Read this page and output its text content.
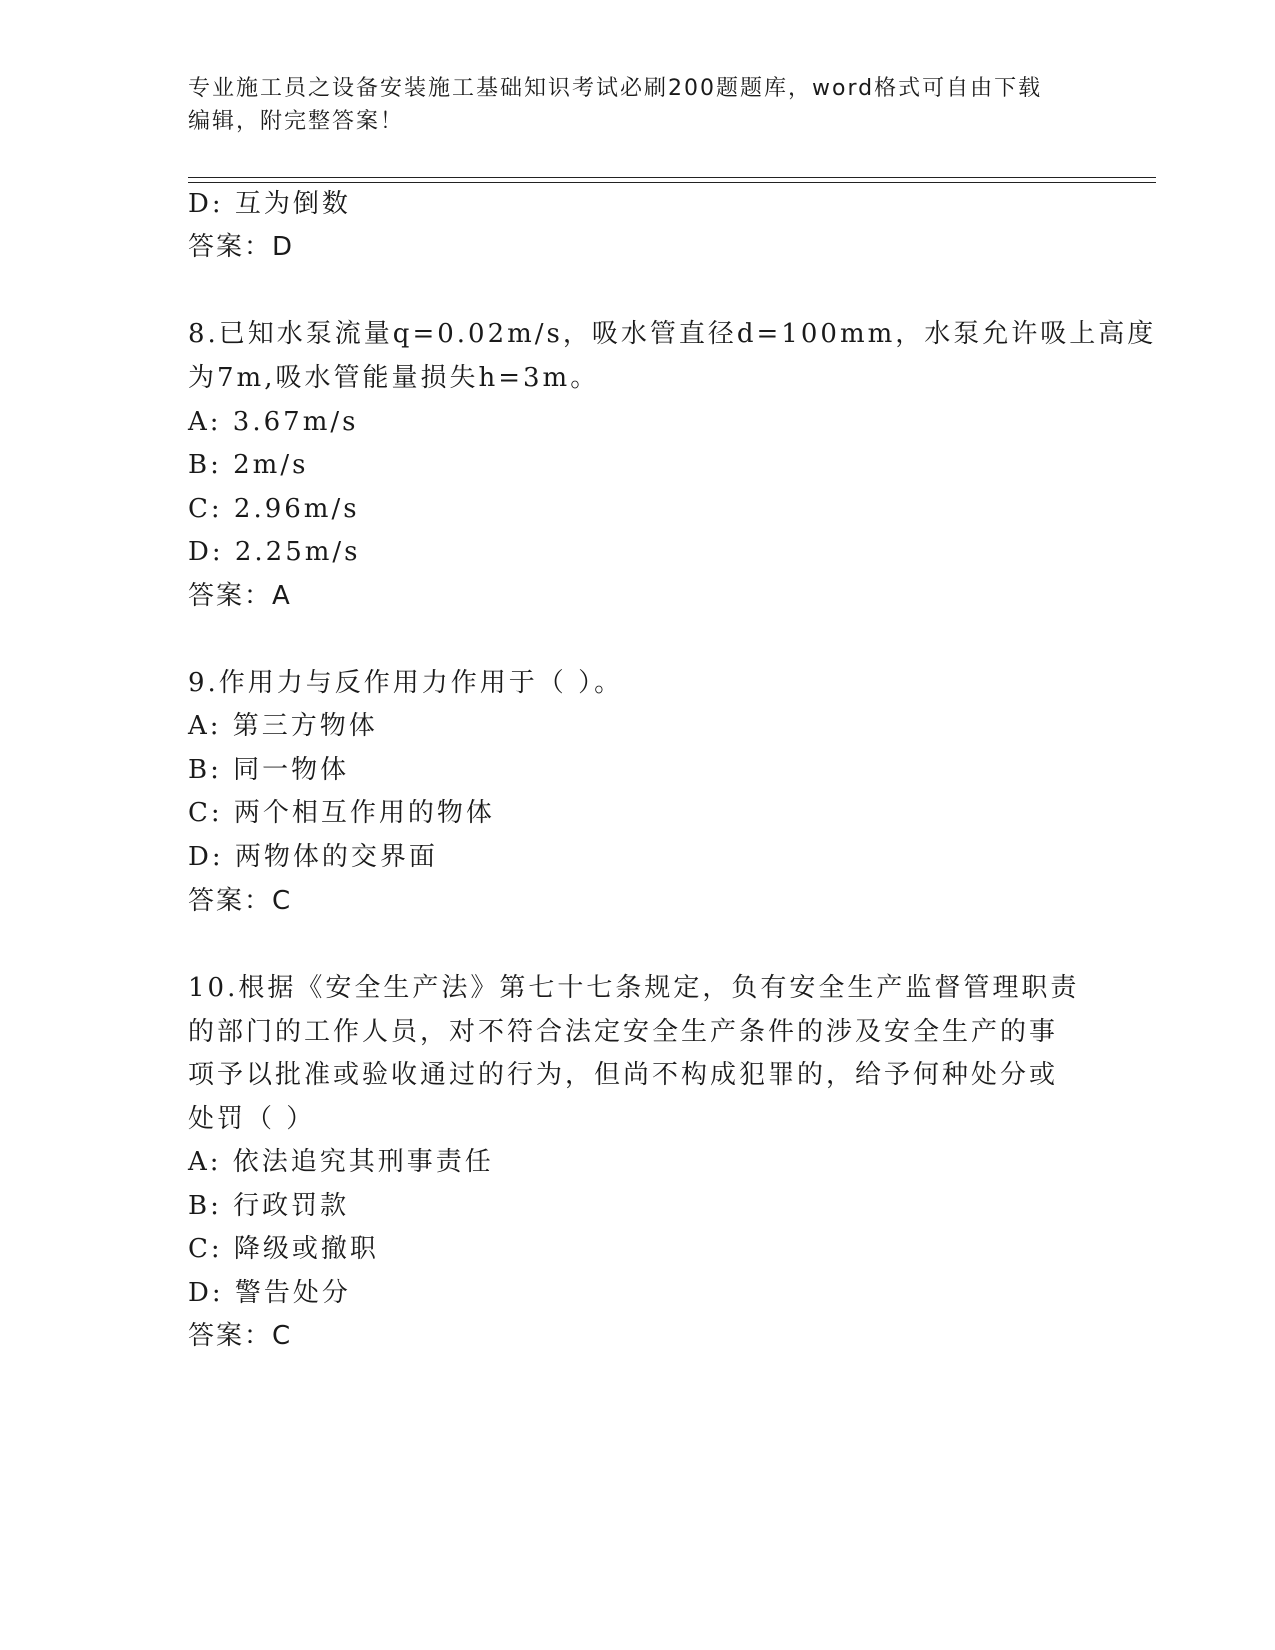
专业施工员之设备安装施工基础知识考试必刷200题题库，word格式可自由下载
编辑，附完整答案！
D: 互为倒数
答案：D
8.已知水泵流量q=0.02m/s，吸水管直径d=100mm，水泵允许吸上高度
为7m,吸水管能量损失h=3m。
A: 3.67m/s
B: 2m/s
C: 2.96m/s
D: 2.25m/s
答案：A
9.作用力与反作用力作用于（ ）。
A: 第三方物体
B: 同一物体
C: 两个相互作用的物体
D: 两物体的交界面
答案：C
10.根据《安全生产法》第七十七条规定，负有安全生产监督管理职责
的部门的工作人员，对不符合法定安全生产条件的涉及安全生产的事
项予以批准或验收通过的行为，但尚不构成犯罪的，给予何种处分或
处罚（ ）
A: 依法追究其刑事责任
B: 行政罚款
C: 降级或撤职
D: 警告处分
答案：C
